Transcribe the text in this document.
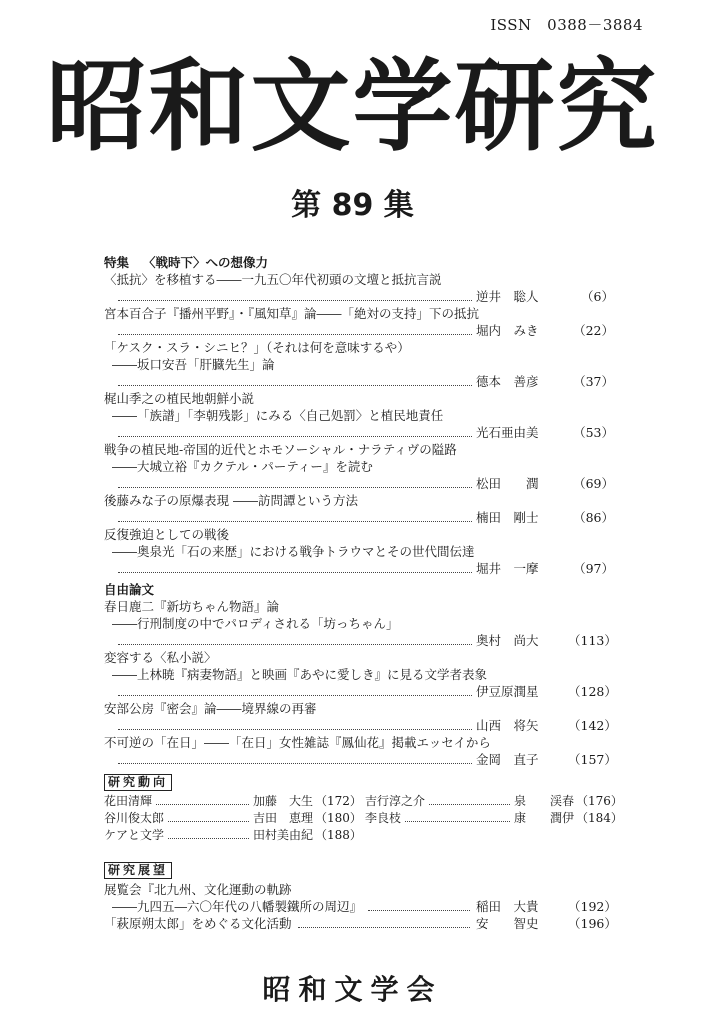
ISSN　0388－3884
昭和文学研究
第 89 集
特集 〈戦時下〉への想像力
〈抵抗〉を移植する――一九五〇年代初頭の文壇と抵抗言説
逆井　聡人	（6）
宮本百合子『播州平野』・『風知草』論――「絶対の支持」下の抵抗
堀内　みき	（22）
「ケスク・スラ・シニヒ？」（それは何を意味するや）
――坂口安吾「肝臓先生」論
德本　善彦	（37）
梶山季之の植民地朝鮮小説
――「族譜」「李朝残影」にみる〈自己処罰〉と植民地責任
光石亜由美	（53）
戦争の植民地-帝国的近代とホモソーシャル・ナラティヴの隘路
――大城立裕『カクテル・パーティー』を読む
松田　　潤	（69）
後藤みな子の原爆表現 ――訪問譚という方法
楠田　剛士	（86）
反復強迫としての戦後
――奥泉光「石の来歴」における戦争トラウマとその世代間伝達
堀井　一摩	（97）
自由論文
春日鹿二『新坊ちゃん物語』論
――行刑制度の中でパロディされる「坊っちゃん」
奥村　尚大	（113）
変容する〈私小説〉
――上林暁『病妻物語』と映画『あやに愛しき』に見る文学者表象
伊豆原潤星	（128）
安部公房『密会』論――境界線の再審
山西　将矢	（142）
不可逆の「在日」――「在日」女性雑誌『鳳仙花』掲載エッセイから
金岡　直子	（157）
研究動向
花田清輝	加藤　大生 （172） 吉行淳之介	泉　　渓春 （176）
谷川俊太郎	吉田　恵理 （180） 李良枝	康　　潤伊 （184）
ケアと文学	田村美由紀 （188）
研究展望
展覧会『北九州、文化運動の軌跡
――九四五―六〇年代の八幡製鐵所の周辺』	稲田　大貴	（192）
「萩原朔太郎」をめぐる文化活動	安　　智史	（196）
昭和文学会
